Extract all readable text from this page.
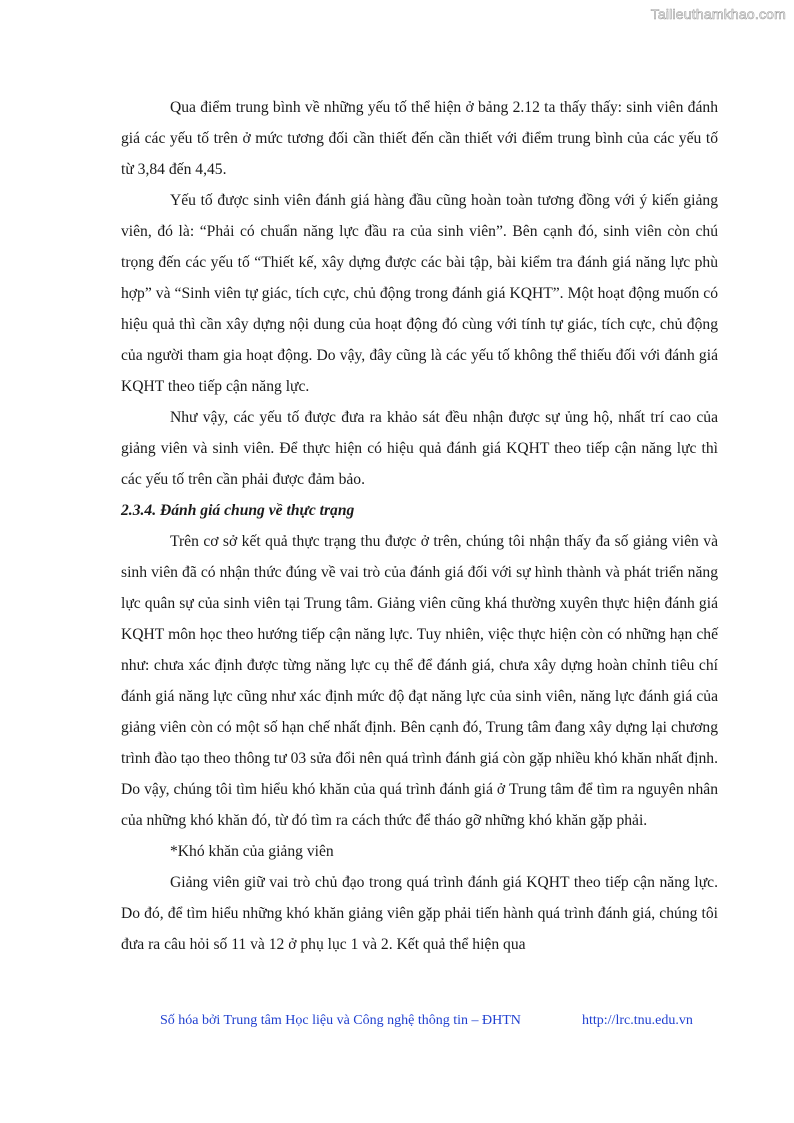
Tailieuthamkhao.com

Qua điểm trung bình về những yếu tố thể hiện ở bảng 2.12 ta thấy thấy: sinh viên đánh giá các yếu tố trên ở mức tương đối cần thiết đến cần thiết với điểm trung bình của các yếu tố từ 3,84 đến 4,45.

Yếu tố được sinh viên đánh giá hàng đầu cũng hoàn toàn tương đồng với ý kiến giảng viên, đó là: “Phải có chuẩn năng lực đầu ra của sinh viên”. Bên cạnh đó, sinh viên còn chú trọng đến các yếu tố “Thiết kế, xây dựng được các bài tập, bài kiểm tra đánh giá năng lực phù hợp” và “Sinh viên tự giác, tích cực, chủ động trong đánh giá KQHT”. Một hoạt động muốn có hiệu quả thì cần xây dựng nội dung của hoạt động đó cùng với tính tự giác, tích cực, chủ động của người tham gia hoạt động. Do vậy, đây cũng là các yếu tố không thể thiếu đối với đánh giá KQHT theo tiếp cận năng lực.

Như vậy, các yếu tố được đưa ra khảo sát đều nhận được sự ủng hộ, nhất trí cao của giảng viên và sinh viên. Để thực hiện có hiệu quả đánh giá KQHT theo tiếp cận năng lực thì các yếu tố trên cần phải được đảm bảo.

2.3.4. Đánh giá chung về thực trạng

Trên cơ sở kết quả thực trạng thu được ở trên, chúng tôi nhận thấy đa số giảng viên và sinh viên đã có nhận thức đúng về vai trò của đánh giá đối với sự hình thành và phát triển năng lực quân sự của sinh viên tại Trung tâm. Giảng viên cũng khá thường xuyên thực hiện đánh giá KQHT môn học theo hướng tiếp cận năng lực. Tuy nhiên, việc thực hiện còn có những hạn chế như: chưa xác định được từng năng lực cụ thể để đánh giá, chưa xây dựng hoàn chỉnh tiêu chí đánh giá năng lực cũng như xác định mức độ đạt năng lực của sinh viên, năng lực đánh giá của giảng viên còn có một số hạn chế nhất định. Bên cạnh đó, Trung tâm đang xây dựng lại chương trình đào tạo theo thông tư 03 sửa đổi nên quá trình đánh giá còn gặp nhiều khó khăn nhất định. Do vậy, chúng tôi tìm hiểu khó khăn của quá trình đánh giá ở Trung tâm để tìm ra nguyên nhân của những khó khăn đó, từ đó tìm ra cách thức để tháo gỡ những khó khăn gặp phải.

*Khó khăn của giảng viên

Giảng viên giữ vai trò chủ đạo trong quá trình đánh giá KQHT theo tiếp cận năng lực. Do đó, để tìm hiểu những khó khăn giảng viên gặp phải tiến hành quá trình đánh giá, chúng tôi đưa ra câu hỏi số 11 và 12 ở phụ lục 1 và 2. Kết quả thể hiện qua

Số hóa bởi Trung tâm Học liệu và Công nghệ thông tin – ĐHTN	http://lrc.tnu.edu.vn
